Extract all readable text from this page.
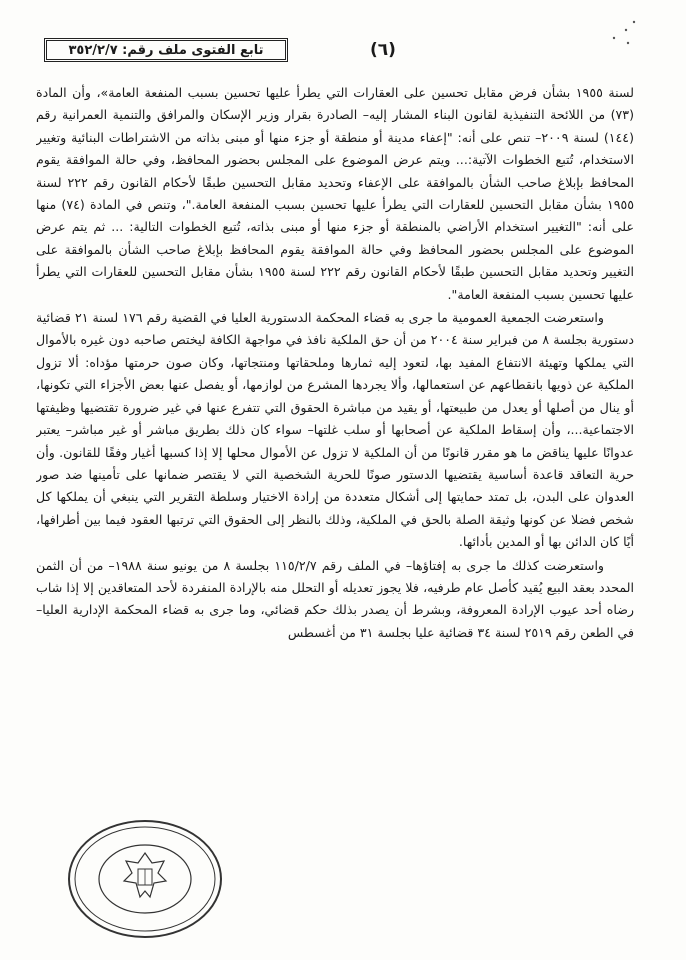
تابع الفتوى ملف رقم: ٣٥٢/٢/٧	(٦)

لسنة ١٩٥٥ بشأن فرض مقابل تحسين على العقارات التي يطرأ عليها تحسين بسبب المنفعة العامة»، وأن المادة (٧٣) من اللائحة التنفيذية لقانون البناء المشار إليه– الصادرة بقرار وزير الإسكان والمرافق والتنمية العمرانية رقم (١٤٤) لسنة ٢٠٠٩– تنص على أنه: "إعفاء مدينة أو منطقة أو جزء منها أو مبنى بذاته من الاشتراطات البنائية وتغيير الاستخدام، تُتبع الخطوات الآتية:... ويتم عرض الموضوع على المجلس بحضور المحافظ، وفي حالة الموافقة يقوم المحافظ بإبلاغ صاحب الشأن بالموافقة على الإعفاء وتحديد مقابل التحسين طبقًا لأحكام القانون رقم ٢٢٢ لسنة ١٩٥٥ بشأن مقابل التحسين للعقارات التي يطرأ عليها تحسين بسبب المنفعة العامة."، وتنص في المادة (٧٤) منها على أنه: "التغيير استخدام الأراضي بالمنطقة أو جزء منها أو مبنى بذاته، تُتبع الخطوات التالية: ... ثم يتم عرض الموضوع على المجلس بحضور المحافظ وفي حالة الموافقة يقوم المحافظ بإبلاغ صاحب الشأن بالموافقة على التغيير وتحديد مقابل التحسين طبقًا لأحكام القانون رقم ٢٢٢ لسنة ١٩٥٥ بشأن مقابل التحسين للعقارات التي يطرأ عليها تحسين بسبب المنفعة العامة".

واستعرضت الجمعية العمومية ما جرى به قضاء المحكمة الدستورية العليا في القضية رقم ١٧٦ لسنة ٢١ قضائية دستورية بجلسة ٨ من فبراير سنة ٢٠٠٤ من أن حق الملكية نافذ في مواجهة الكافة ليختص صاحبه دون غيره بالأموال التي يملكها وتهيئة الانتفاع المفيد بها، لتعود إليه ثمارها وملحقاتها ومنتجاتها، وكان صون حرمتها مؤداه: ألا تزول الملكية عن ذويها بانقطاعهم عن استعمالها، وألا يجردها المشرع من لوازمها، أو يفصل عنها بعض الأجزاء التي تكونها، أو ينال من أصلها أو يعدل من طبيعتها، أو يقيد من مباشرة الحقوق التي تتفرع عنها في غير ضرورة تقتضيها وظيفتها الاجتماعية...، وأن إسقاط الملكية عن أصحابها أو سلب غلتها– سواء كان ذلك بطريق مباشر أو غير مباشر– يعتبر عدوانًا عليها يناقض ما هو مقرر قانونًا من أن الملكية لا تزول عن الأموال محلها إلا إذا كسبها أغيار وفقًا للقانون. وأن حرية التعاقد قاعدة أساسية يقتضيها الدستور صونًا للحرية الشخصية التي لا يقتصر ضمانها على تأمينها ضد صور العدوان على البدن، بل تمتد حمايتها إلى أشكال متعددة من إرادة الاختيار وسلطة التقرير التي ينبغي أن يملكها كل شخص فضلا عن كونها وثيقة الصلة بالحق في الملكية، وذلك بالنظر إلى الحقوق التي ترتبها العقود فيما بين أطرافها، أيًا كان الدائن بها أو المدين بأدائها.

واستعرضت كذلك ما جرى به إفتاؤها– في الملف رقم ١١٥/٢/٧ بجلسة ٨ من يونيو سنة ١٩٨٨– من أن الثمن المحدد بعقد البيع يُقيد كأصل عام طرفيه، فلا يجوز تعديله أو التحلل منه بالإرادة المنفردة لأحد المتعاقدين إلا إذا شاب رضاه أحد عيوب الإرادة المعروفة، وبشرط أن يصدر بذلك حكم قضائي، وما جرى به قضاء المحكمة الإدارية العليا– في الطعن رقم ٢٥١٩ لسنة ٣٤ قضائية عليا بجلسة ٣١ من أغسطس
